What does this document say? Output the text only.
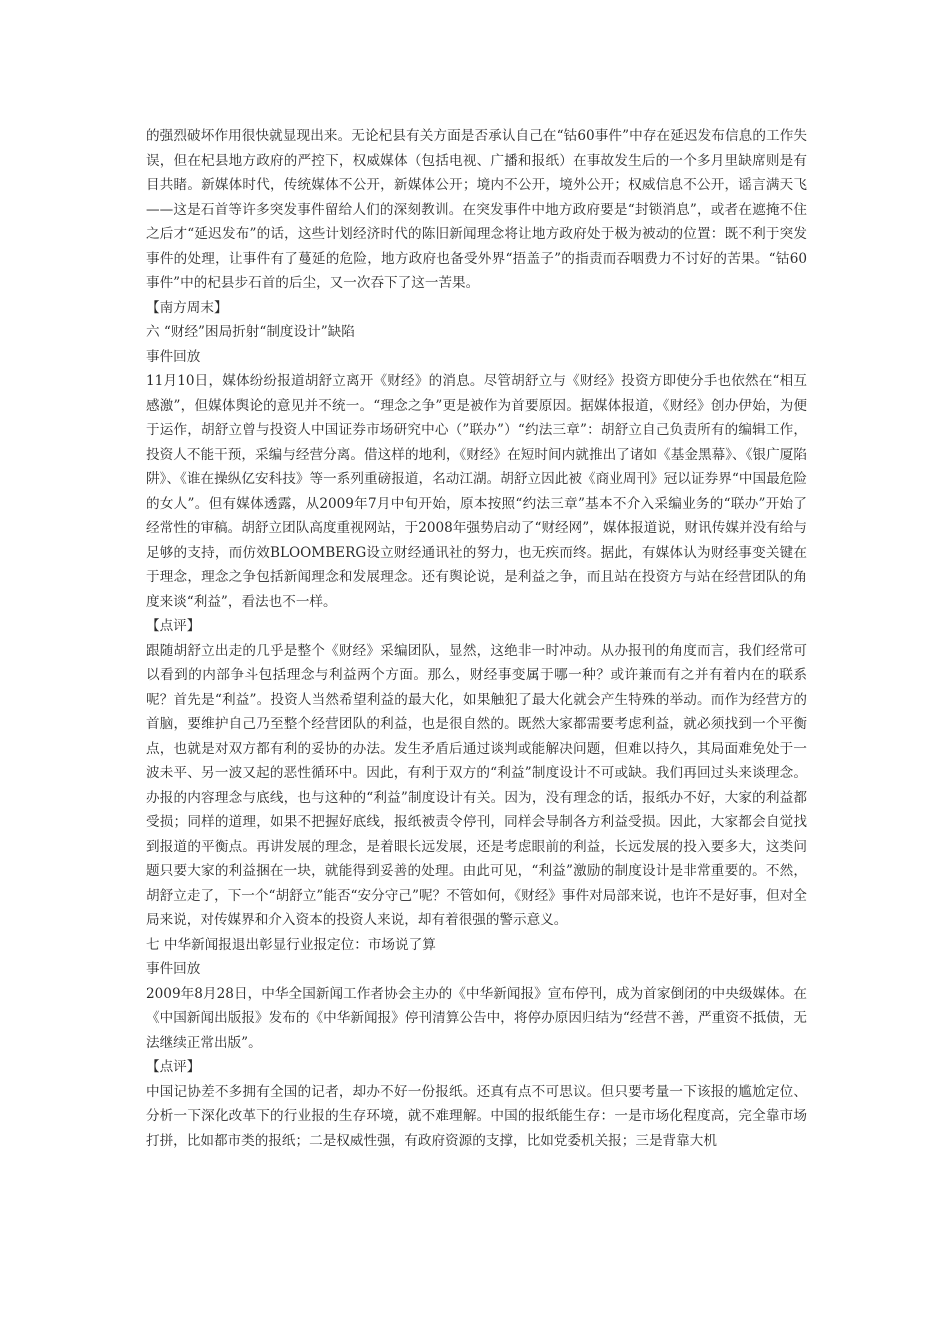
的强烈破坏作用很快就显现出来。无论杞县有关方面是否承认自己在“钴60事件”中存在延迟发布信息的工作失误，但在杞县地方政府的严控下，权威媒体（包括电视、广播和报纸）在事故发生后的一个多月里缺席则是有目共睹。新媒体时代，传统媒体不公开，新媒体公开；境内不公开，境外公开；权威信息不公开，谣言满天飞——这是石首等许多突发事件留给人们的深刻教训。在突发事件中地方政府要是“封锁消息”，或者在遮掩不住之后才“延迟发布”的话，这些计划经济时代的陈旧新闻理念将让地方政府处于极为被动的位置：既不利于突发事件的处理，让事件有了蔓延的危险，地方政府也备受外界“捂盖子”的指责而吞咽费力不讨好的苦果。“钴60事件”中的杞县步石首的后尘，又一次吞下了这一苦果。
【南方周末】
六 “财经”困局折射“制度设计”缺陷
事件回放
11月10日，媒体纷纷报道胡舒立离开《财经》的消息。尽管胡舒立与《财经》投资方即使分手也依然在“相互感激”，但媒体舆论的意见并不统一。“理念之争”更是被作为首要原因。据媒体报道，《财经》创办伊始，为便于运作，胡舒立曾与投资人中国证券市场研究中心（”联办”）“约法三章”：胡舒立自己负责所有的编辑工作，投资人不能干预，采编与经营分离。借这样的地利，《财经》在短时间内就推出了诸如《基金黑幕》、《银广厦陷阱》、《谁在操纵亿安科技》等一系列重磅报道，名动江湖。胡舒立因此被《商业周刊》冠以证券界“中国最危险的女人”。但有媒体透露，从2009年7月中旬开始，原本按照“约法三章”基本不介入采编业务的“联办”开始了经常性的审稿。胡舒立团队高度重视网站，于2008年强势启动了“财经网”，媒体报道说，财讯传媒并没有给与足够的支持，而仿效BLOOMBERG设立财经通讯社的努力，也无疾而终。据此，有媒体认为财经事变关键在于理念，理念之争包括新闻理念和发展理念。还有舆论说，是利益之争，而且站在投资方与站在经营团队的角度来谈“利益”，看法也不一样。
【点评】
跟随胡舒立出走的几乎是整个《财经》采编团队，显然，这绝非一时冲动。从办报刊的角度而言，我们经常可以看到的内部争斗包括理念与利益两个方面。那么，财经事变属于哪一种？或许兼而有之并有着内在的联系呢？首先是“利益”。投资人当然希望利益的最大化，如果触犯了最大化就会产生特殊的举动。而作为经营方的首脑，要维护自己乃至整个经营团队的利益，也是很自然的。既然大家都需要考虑利益，就必须找到一个平衡点，也就是对双方都有利的妥协的办法。发生矛盾后通过谈判或能解决问题，但难以持久，其局面难免处于一波未平、另一波又起的恶性循环中。因此，有利于双方的“利益”制度设计不可或缺。我们再回过头来谈理念。办报的内容理念与底线，也与这种的“利益”制度设计有关。因为，没有理念的话，报纸办不好，大家的利益都受损；同样的道理，如果不把握好底线，报纸被责令停刊，同样会导制各方利益受损。因此，大家都会自觉找到报道的平衡点。再讲发展的理念，是着眼长远发展，还是考虑眼前的利益，长远发展的投入要多大，这类问题只要大家的利益捆在一块，就能得到妥善的处理。由此可见，“利益”激励的制度设计是非常重要的。不然，胡舒立走了，下一个“胡舒立”能否“安分守己”呢？不管如何，《财经》事件对局部来说，也许不是好事，但对全局来说，对传媒界和介入资本的投资人来说，却有着很强的警示意义。
七 中华新闻报退出彰显行业报定位：市场说了算
事件回放
2009年8月28日，中华全国新闻工作者协会主办的《中华新闻报》宣布停刊，成为首家倒闭的中央级媒体。在《中国新闻出版报》发布的《中华新闻报》停刊清算公告中，将停办原因归结为“经营不善，严重资不抵债，无法继续正常出版”。
【点评】
中国记协差不多拥有全国的记者，却办不好一份报纸。还真有点不可思议。但只要考量一下该报的尴尬定位、分析一下深化改革下的行业报的生存环境，就不难理解。中国的报纸能生存：一是市场化程度高，完全靠市场打拼，比如都市类的报纸；二是权威性强，有政府资源的支撑，比如党委机关报；三是背靠大机
